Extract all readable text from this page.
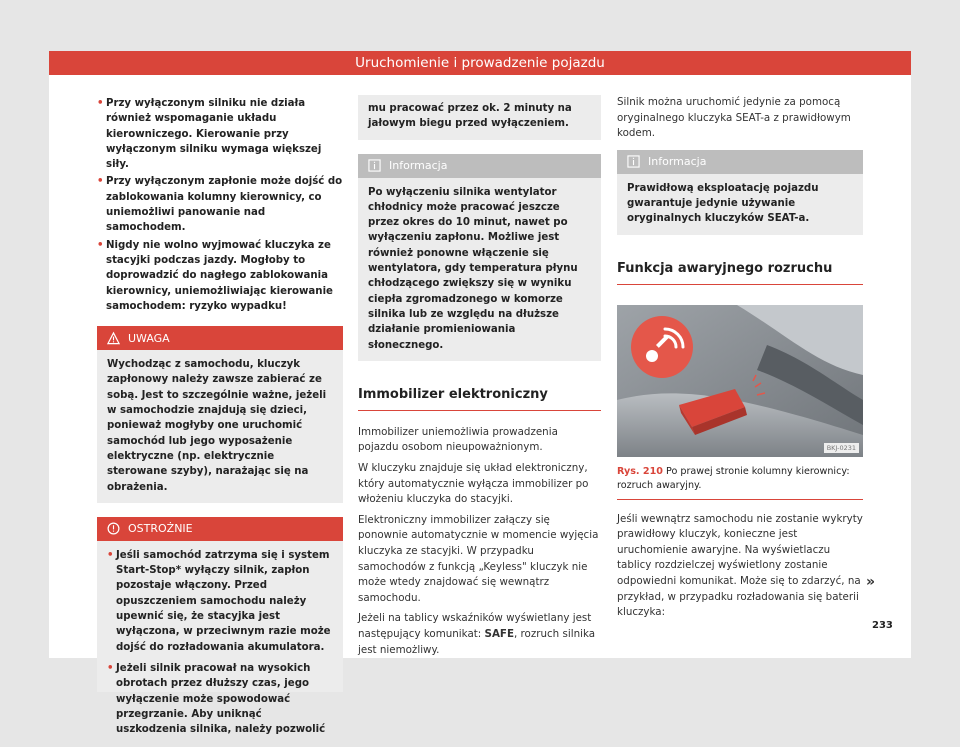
Uruchomienie i prowadzenie pojazdu
• Przy wyłączonym silniku nie działa również wspomaganie układu kierowniczego. Kierowanie przy wyłączonym silniku wymaga większej siły.
• Przy wyłączonym zapłonie może dojść do zablokowania kolumny kierownicy, co uniemożliwi panowanie nad samochodem.
• Nigdy nie wolno wyjmować kluczyka ze stacyjki podczas jazdy. Mogłoby to doprowadzić do nagłego zablokowania kierownicy, uniemożliwiając kierowanie samochodem: ryzyko wypadku!
UWAGA
Wychodząc z samochodu, kluczyk zapłonowy należy zawsze zabierać ze sobą. Jest to szczególnie ważne, jeżeli w samochodzie znajdują się dzieci, ponieważ mogłyby one uruchomić samochód lub jego wyposażenie elektryczne (np. elektrycznie sterowane szyby), narażając się na obrażenia.
OSTROŻNIE
• Jeśli samochód zatrzyma się i system Start-Stop* wyłączy silnik, zapłon pozostaje włączony. Przed opuszczeniem samochodu należy upewnić się, że stacyjka jest wyłączona, w przeciwnym razie może dojść do rozładowania akumulatora.
• Jeżeli silnik pracował na wysokich obrotach przez dłuższy czas, jego wyłączenie może spowodować przegrzanie. Aby uniknąć uszkodzenia silnika, należy pozwolić
mu pracować przez ok. 2 minuty na jałowym biegu przed wyłączeniem.
Informacja
Po wyłączeniu silnika wentylator chłodnicy może pracować jeszcze przez okres do 10 minut, nawet po wyłączeniu zapłonu. Możliwe jest również ponowne włączenie się wentylatora, gdy temperatura płynu chłodzącego zwiększy się w wyniku ciepła zgromadzonego w komorze silnika lub ze względu na dłuższe działanie promieniowania słonecznego.
Immobilizer elektroniczny

Immobilizer uniemożliwia prowadzenia pojazdu osobom nieupoważnionym.

W kluczyku znajduje się układ elektroniczny, który automatycznie wyłącza immobilizer po włożeniu kluczyka do stacyjki.

Elektroniczny immobilizer załączy się ponownie automatycznie w momencie wyjęcia kluczyka ze stacyjki. W przypadku samochodów z funkcją „Keyless" kluczyk nie może wtedy znajdować się wewnątrz samochodu.

Jeżeli na tablicy wskaźników wyświetlany jest następujący komunikat: SAFE, rozruch silnika jest niemożliwy.

Silnik można uruchomić jedynie za pomocą oryginalnego kluczyka SEAT-a z prawidłowym kodem.

Informacja
Prawidłową eksploatację pojazdu gwarantuje jedynie używanie oryginalnych kluczyków SEAT-a.
Funkcja awaryjnego rozruchu
BKJ-0231
Rys. 210 Po prawej stronie kolumny kierownicy: rozruch awaryjny.

Jeśli wewnątrz samochodu nie zostanie wykryty prawidłowy kluczyk, konieczne jest uruchomienie awaryjne. Na wyświetlaczu tablicy rozdzielczej wyświetlony zostanie odpowiedni komunikat. Może się to zdarzyć, na przykład, w przypadku rozładowania się baterii kluczyka:

»
233
